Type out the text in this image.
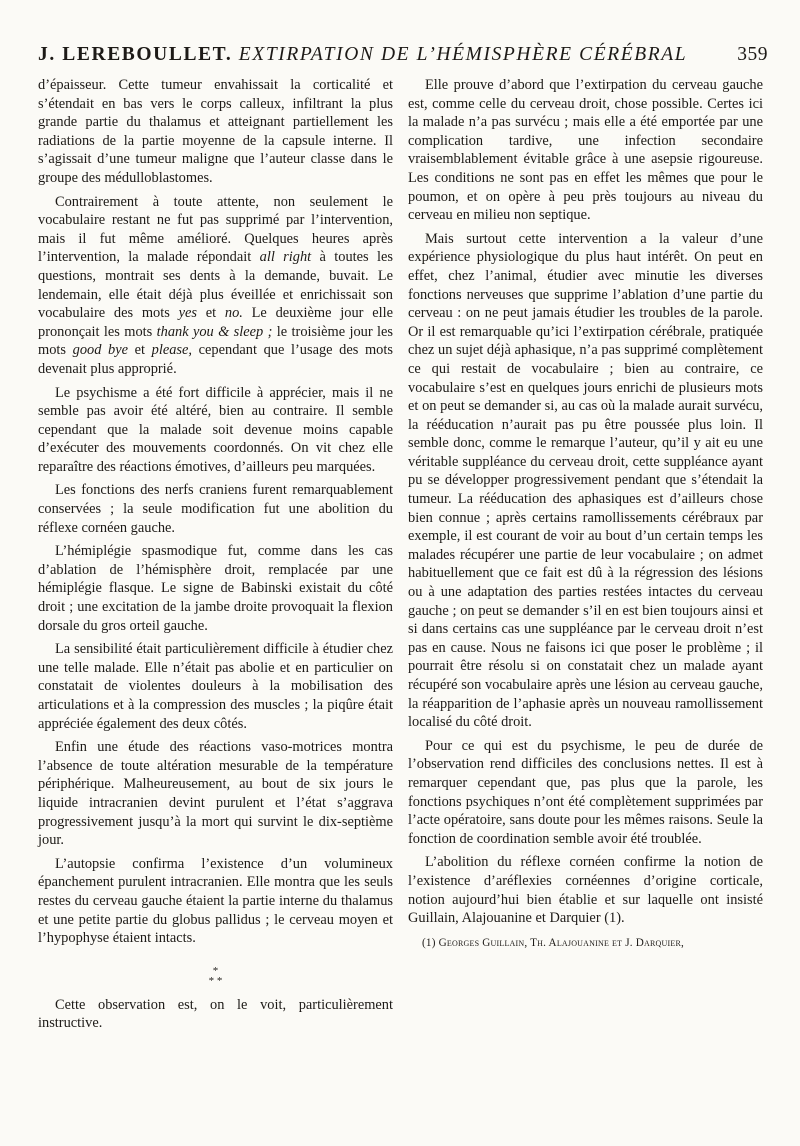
J. LEREBOULLET. EXTIRPATION DE L’HÉMISPHÈRE CÉRÉBRAL	359

d’épaisseur. Cette tumeur envahissait la corticalité et s’étendait en bas vers le corps calleux, infiltrant la plus grande partie du thalamus et atteignant partiellement les radiations de la partie moyenne de la capsule interne. Il s’agissait d’une tumeur maligne que l’auteur classe dans le groupe des médulloblastomes.

Contrairement à toute attente, non seulement le vocabulaire restant ne fut pas supprimé par l’intervention, mais il fut même amélioré. Quelques heures après l’intervention, la malade répondait all right à toutes les questions, montrait ses dents à la demande, buvait. Le lendemain, elle était déjà plus éveillée et enrichissait son vocabulaire des mots yes et no. Le deuxième jour elle prononçait les mots thank you & sleep ; le troisième jour les mots good bye et please, cependant que l’usage des mots devenait plus approprié.

Le psychisme a été fort difficile à apprécier, mais il ne semble pas avoir été altéré, bien au contraire. Il semble cependant que la malade soit devenue moins capable d’exécuter des mouvements coordonnés. On vit chez elle reparaître des réactions émotives, d’ailleurs peu marquées.

Les fonctions des nerfs craniens furent remarquablement conservées ; la seule modification fut une abolition du réflexe cornéen gauche.

L’hémiplégie spasmodique fut, comme dans les cas d’ablation de l’hémisphère droit, remplacée par une hémiplégie flasque. Le signe de Babinski existait du côté droit ; une excitation de la jambe droite provoquait la flexion dorsale du gros orteil gauche.

La sensibilité était particulièrement difficile à étudier chez une telle malade. Elle n’était pas abolie et en particulier on constatait de violentes douleurs à la mobilisation des articulations et à la compression des muscles ; la piqûre était appréciée également des deux côtés.

Enfin une étude des réactions vaso-motrices montra l’absence de toute altération mesurable de la température périphérique. Malheureusement, au bout de six jours le liquide intracranien devint purulent et l’état s’aggrava progressivement jusqu’à la mort qui survint le dix-septième jour.

L’autopsie confirma l’existence d’un volumineux épanchement purulent intracranien. Elle montra que les seuls restes du cerveau gauche étaient la partie interne du thalamus et une petite partie du globus pallidus ; le cerveau moyen et l’hypophyse étaient intacts.

*
* *

Cette observation est, on le voit, particulièrement instructive.

Elle prouve d’abord que l’extirpation du cerveau gauche est, comme celle du cerveau droit, chose possible. Certes ici la malade n’a pas survécu ; mais elle a été emportée par une complication tardive, une infection secondaire vraisemblablement évitable grâce à une asepsie rigoureuse. Les conditions ne sont pas en effet les mêmes que pour le poumon, et on opère à peu près toujours au niveau du cerveau en milieu non septique.

Mais surtout cette intervention a la valeur d’une expérience physiologique du plus haut intérêt. On peut en effet, chez l’animal, étudier avec minutie les diverses fonctions nerveuses que supprime l’ablation d’une partie du cerveau : on ne peut jamais étudier les troubles de la parole. Or il est remarquable qu’ici l’extirpation cérébrale, pratiquée chez un sujet déjà aphasique, n’a pas supprimé complètement ce qui restait de vocabulaire ; bien au contraire, ce vocabulaire s’est en quelques jours enrichi de plusieurs mots et on peut se demander si, au cas où la malade aurait survécu, la rééducation n’aurait pas pu être poussée plus loin. Il semble donc, comme le remarque l’auteur, qu’il y ait eu une véritable suppléance du cerveau droit, cette suppléance ayant pu se développer progressivement pendant que s’étendait la tumeur. La rééducation des aphasiques est d’ailleurs chose bien connue ; après certains ramollissements cérébraux par exemple, il est courant de voir au bout d’un certain temps les malades récupérer une partie de leur vocabulaire ; on admet habituellement que ce fait est dû à la régression des lésions ou à une adaptation des parties restées intactes du cerveau gauche ; on peut se demander s’il en est bien toujours ainsi et si dans certains cas une suppléance par le cerveau droit n’est pas en cause. Nous ne faisons ici que poser le problème ; il pourrait être résolu si on constatait chez un malade ayant récupéré son vocabulaire après une lésion au cerveau gauche, la réapparition de l’aphasie après un nouveau ramollissement localisé du côté droit.

Pour ce qui est du psychisme, le peu de durée de l’observation rend difficiles des conclusions nettes. Il est à remarquer cependant que, pas plus que la parole, les fonctions psychiques n’ont été complètement supprimées par l’acte opératoire, sans doute pour les mêmes raisons. Seule la fonction de coordination semble avoir été troublée.

L’abolition du réflexe cornéen confirme la notion de l’existence d’aréflexies cornéennes d’origine corticale, notion aujourd’hui bien établie et sur laquelle ont insisté Guillain, Alajouanine et Darquier (1).

(1) Georges Guillain, Th. Alajouanine et J. Darquier,
